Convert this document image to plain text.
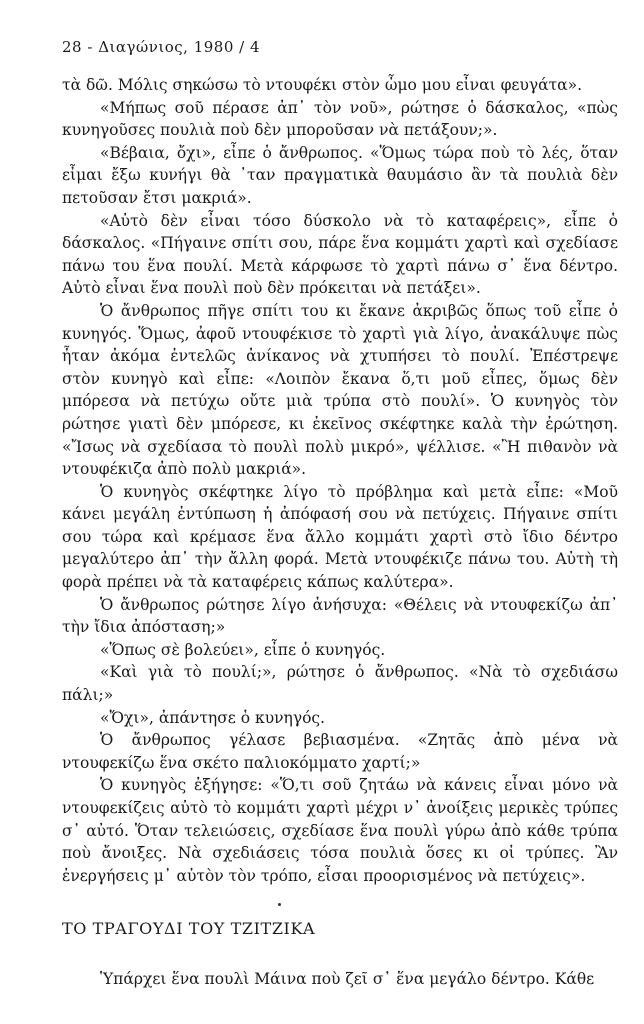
28 - Διαγώνιος, 1980 / 4

τὰ δῶ. Μόλις σηκώσω τὸ ντουφέκι στὸν ὦμο μου εἶναι φευγάτα».

«Μήπως σοῦ πέρασε ἀπ᾽ τὸν νοῦ», ρώτησε ὁ δάσκαλος, «πὼς κυνηγοῦσες πουλιὰ ποὺ δὲν μποροῦσαν νὰ πετάξουν;».

«Βέβαια, ὄχι», εἶπε ὁ ἄνθρωπος. «Ὅμως τώρα ποὺ τὸ λές, ὅταν εἶμαι ἔξω κυνήγι θὰ ᾽ταν πραγματικὰ θαυμάσιο ἂν τὰ πουλιὰ δὲν πετοῦσαν ἔτσι μακριά».

«Αὐτὸ δὲν εἶναι τόσο δύσκολο νὰ τὸ καταφέρεις», εἶπε ὁ δάσκαλος. «Πήγαινε σπίτι σου, πάρε ἕνα κομμάτι χαρτὶ καὶ σχεδίασε πάνω του ἕνα πουλί. Μετὰ κάρφωσε τὸ χαρτὶ πάνω σ᾽ ἕνα δέντρο. Αὐτὸ εἶναι ἕνα πουλὶ ποὺ δὲν πρόκειται νὰ πετάξει».

Ὁ ἄνθρωπος πῆγε σπίτι του κι ἔκανε ἀκριβῶς ὅπως τοῦ εἶπε ὁ κυνηγός. Ὅμως, ἀφοῦ ντουφέκισε τὸ χαρτὶ γιὰ λίγο, ἀνακάλυψε πὼς ἦταν ἀκόμα ἐντελῶς ἀνίκανος νὰ χτυπήσει τὸ πουλί. Ἐπέστρεψε στὸν κυνηγὸ καὶ εἶπε: «Λοιπὸν ἔκανα ὅ,τι μοῦ εἶπες, ὅμως δὲν μπόρεσα νὰ πετύχω οὔτε μιὰ τρύπα στὸ πουλί». Ὁ κυνηγὸς τὸν ρώτησε γιατὶ δὲν μπόρεσε, κι ἐκεῖνος σκέφτηκε καλὰ τὴν ἐρώτηση. «Ἴσως νὰ σχεδίασα τὸ πουλὶ πολὺ μικρό», ψέλλισε. «Ἢ πιθανὸν νὰ ντουφέκιζα ἀπὸ πολὺ μακριά».

Ὁ κυνηγὸς σκέφτηκε λίγο τὸ πρόβλημα καὶ μετὰ εἶπε: «Μοῦ κάνει μεγάλη ἐντύπωση ἡ ἀπόφασή σου νὰ πετύχεις. Πήγαινε σπίτι σου τώρα καὶ κρέμασε ἕνα ἄλλο κομμάτι χαρτὶ στὸ ἴδιο δέντρο μεγαλύτερο ἀπ᾽ τὴν ἄλλη φορά. Μετὰ ντουφέκιζε πάνω του. Αὐτὴ τὴ φορὰ πρέπει νὰ τὰ καταφέρεις κάπως καλύτερα».

Ὁ ἄνθρωπος ρώτησε λίγο ἀνήσυχα: «Θέλεις νὰ ντουφεκίζω ἀπ᾽ τὴν ἴδια ἀπόσταση;»

«Ὅπως σὲ βολεύει», εἶπε ὁ κυνηγός.

«Καὶ γιὰ τὸ πουλί;», ρώτησε ὁ ἄνθρωπος. «Νὰ τὸ σχεδιάσω πάλι;»

«Ὄχι», ἀπάντησε ὁ κυνηγός.

Ὁ ἄνθρωπος γέλασε βεβιασμένα. «Ζητᾶς ἀπὸ μένα νὰ ντουφεκίζω ἕνα σκέτο παλιοκόμματο χαρτί;»

Ὁ κυνηγὸς ἐξήγησε: «Ὅ,τι σοῦ ζητάω νὰ κάνεις εἶναι μόνο νὰ ντουφεκίζεις αὐτὸ τὸ κομμάτι χαρτὶ μέχρι ν᾽ ἀνοίξεις μερικὲς τρύπες σ᾽ αὐτό. Ὅταν τελειώσεις, σχεδίασε ἕνα πουλὶ γύρω ἀπὸ κάθε τρύπα ποὺ ἄνοιξες. Νὰ σχεδιάσεις τόσα πουλιὰ ὅσες κι οἱ τρύπες. Ἂν ἐνεργήσεις μ᾽ αὐτὸν τὸν τρόπο, εἶσαι προορισμένος νὰ πετύχεις».

ΤΟ ΤΡΑΓΟΥΔΙ ΤΟΥ ΤΖΙΤΖΙΚΑ

Ὑπάρχει ἕνα πουλὶ Μάινα ποὺ ζεῖ σ᾽ ἕνα μεγάλο δέντρο. Κάθε
